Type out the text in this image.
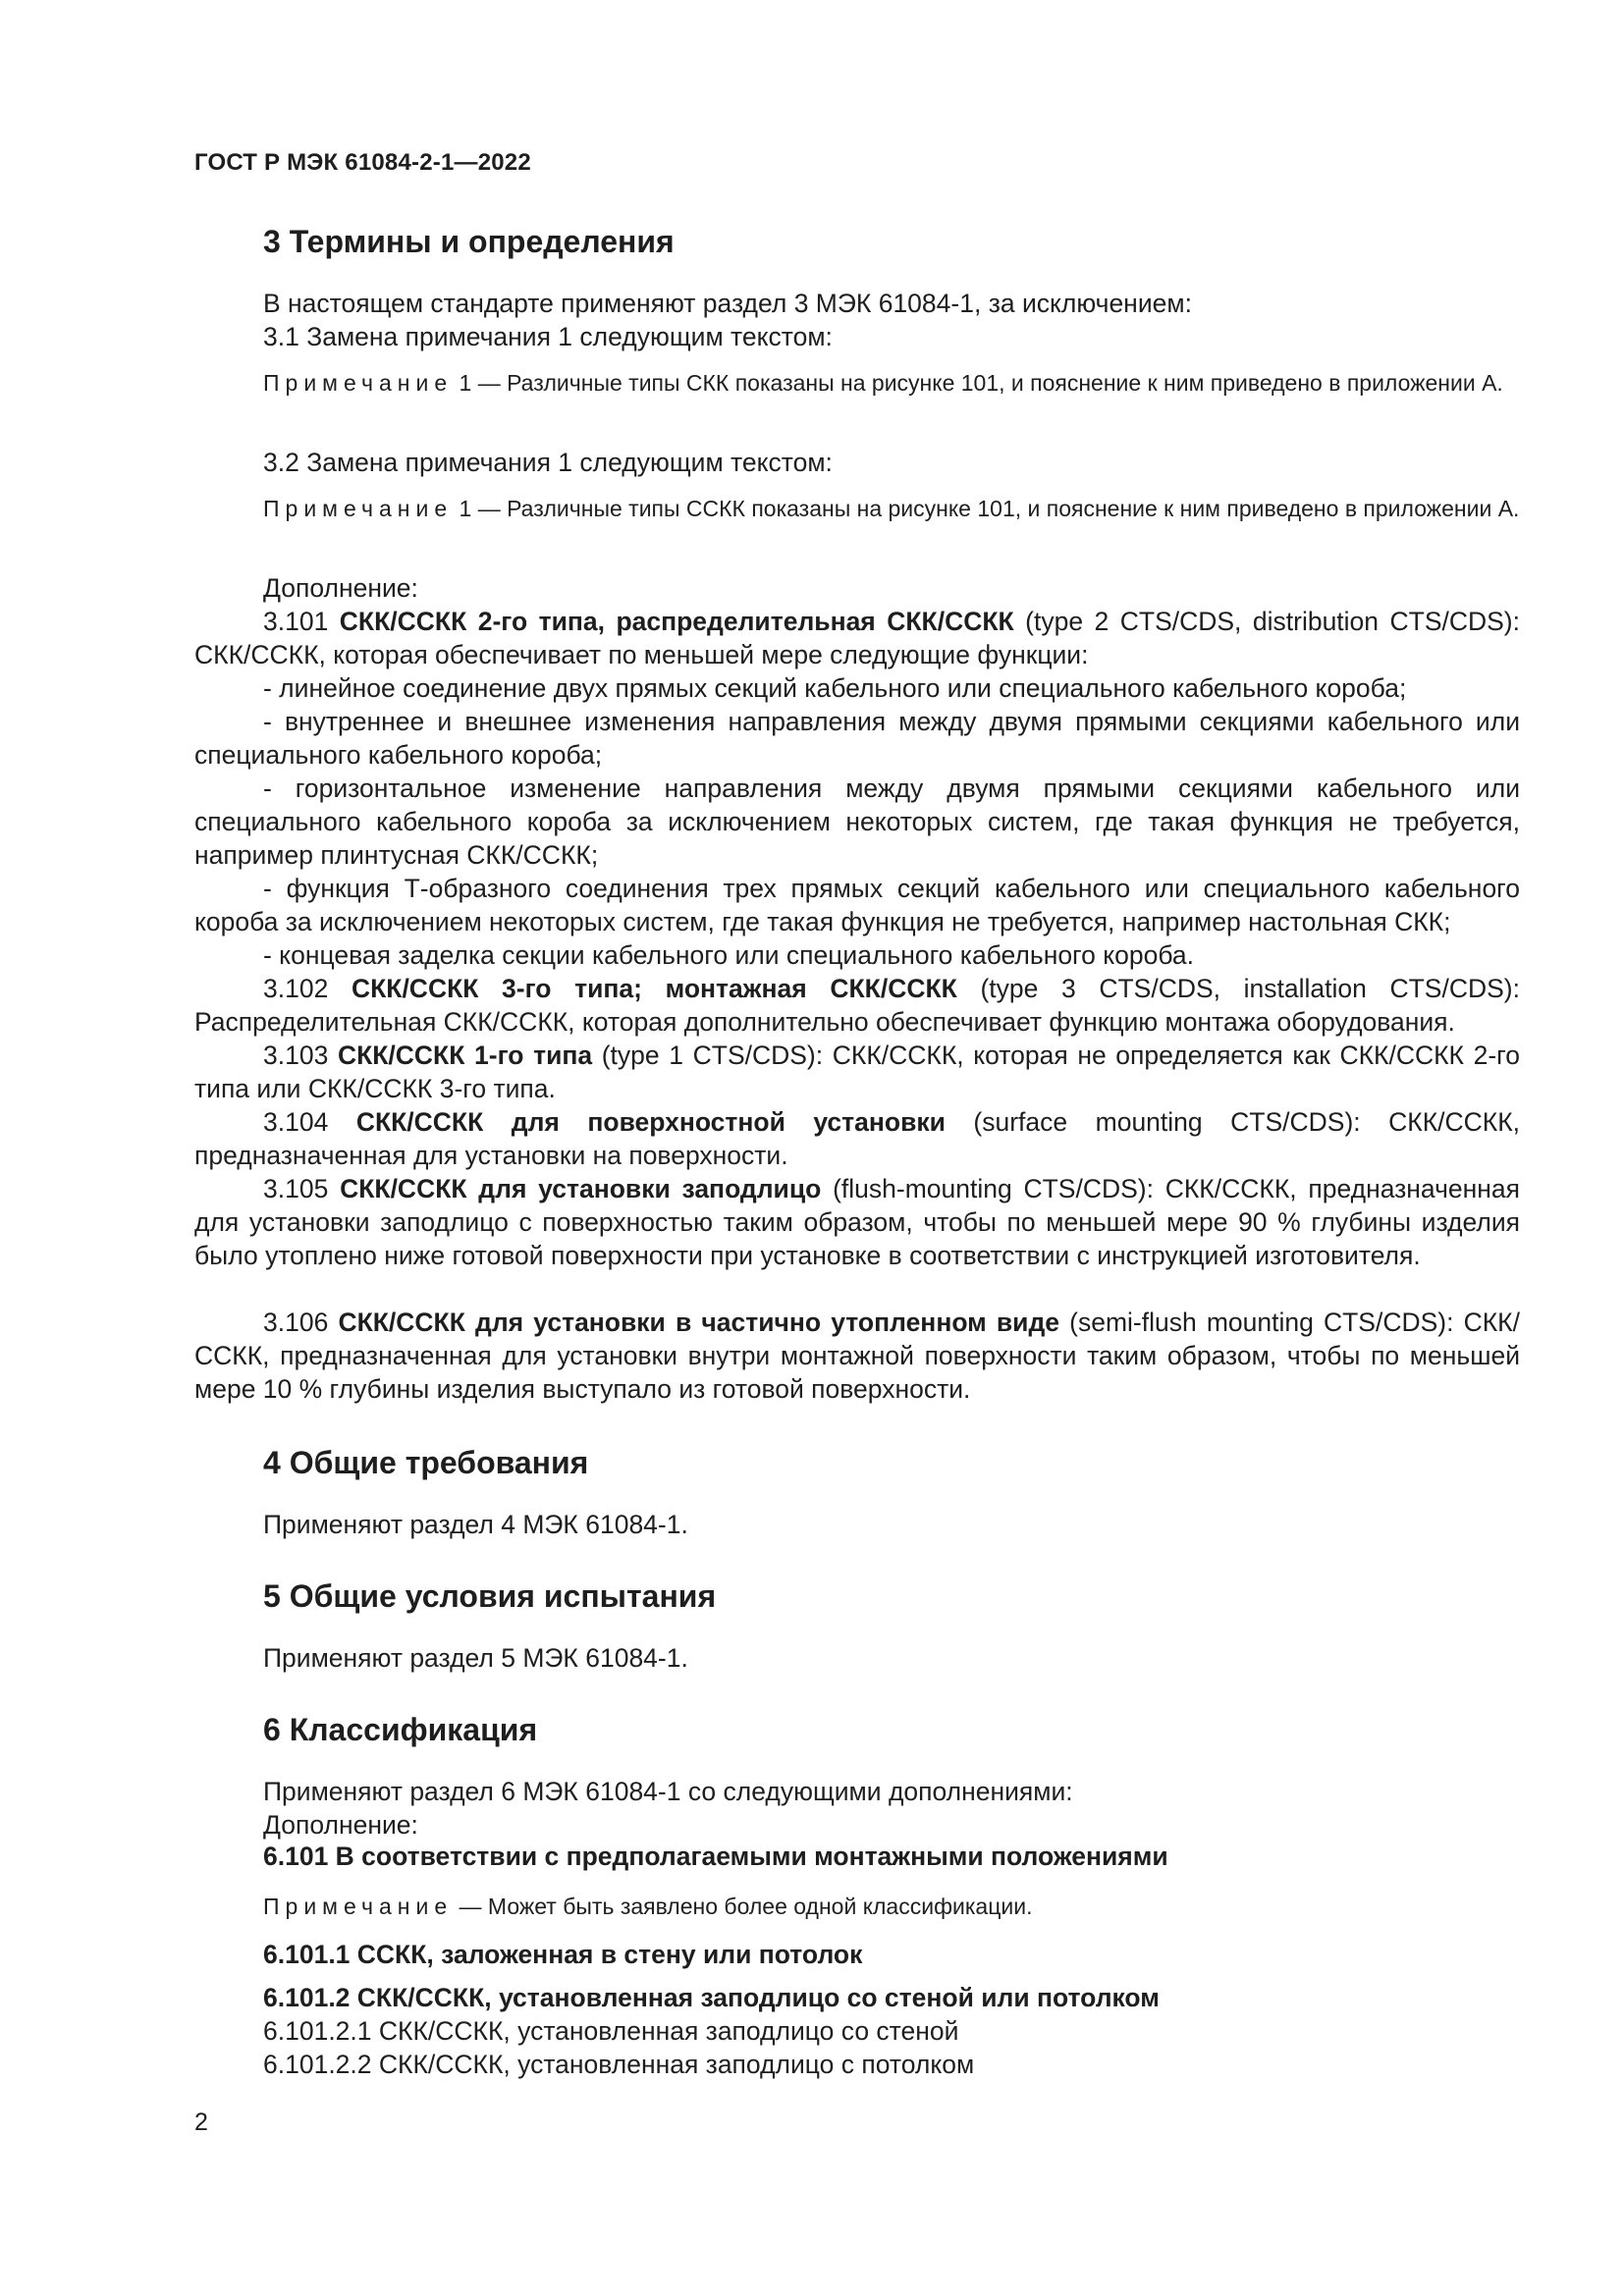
ГОСТ Р МЭК 61084-2-1—2022
3 Термины и определения
В настоящем стандарте применяют раздел 3 МЭК 61084-1, за исключением:
3.1 Замена примечания 1 следующим текстом:
Примечание 1 — Различные типы СКК показаны на рисунке 101, и пояснение к ним приведено в приложении А.
3.2 Замена примечания 1 следующим текстом:
Примечание 1 — Различные типы ССКК показаны на рисунке 101, и пояснение к ним приведено в приложении А.
Дополнение:
3.101 СКК/ССКК 2-го типа, распределительная СКК/ССКК (type 2 CTS/CDS, distribution CTS/CDS): СКК/ССКК, которая обеспечивает по меньшей мере следующие функции:
- линейное соединение двух прямых секций кабельного или специального кабельного короба;
- внутреннее и внешнее изменения направления между двумя прямыми секциями кабельного или специального кабельного короба;
- горизонтальное изменение направления между двумя прямыми секциями кабельного или специального кабельного короба за исключением некоторых систем, где такая функция не требуется, например плинтусная СКК/ССКК;
- функция Т-образного соединения трех прямых секций кабельного или специального кабельного короба за исключением некоторых систем, где такая функция не требуется, например настольная СКК;
- концевая заделка секции кабельного или специального кабельного короба.
3.102 СКК/ССКК 3-го типа; монтажная СКК/ССКК (type 3 CTS/CDS, installation CTS/CDS): Распределительная СКК/ССКК, которая дополнительно обеспечивает функцию монтажа оборудования.
3.103 СКК/ССКК 1-го типа (type 1 CTS/CDS): СКК/ССКК, которая не определяется как СКК/ССКК 2-го типа или СКК/ССКК 3-го типа.
3.104 СКК/ССКК для поверхностной установки (surface mounting CTS/CDS): СКК/ССКК, предназначенная для установки на поверхности.
3.105 СКК/ССКК для установки заподлицо (flush-mounting CTS/CDS): СКК/ССКК, предназначенная для установки заподлицо с поверхностью таким образом, чтобы по меньшей мере 90 % глубины изделия было утоплено ниже готовой поверхности при установке в соответствии с инструкцией изготовителя.
3.106 СКК/ССКК для установки в частично утопленном виде (semi-flush mounting CTS/CDS): СКК/ССКК, предназначенная для установки внутри монтажной поверхности таким образом, чтобы по меньшей мере 10 % глубины изделия выступало из готовой поверхности.
4 Общие требования
Применяют раздел 4 МЭК 61084-1.
5 Общие условия испытания
Применяют раздел 5 МЭК 61084-1.
6 Классификация
Применяют раздел 6 МЭК 61084-1 со следующими дополнениями:
Дополнение:
6.101 В соответствии с предполагаемыми монтажными положениями
Примечание — Может быть заявлено более одной классификации.
6.101.1 ССКК, заложенная в стену или потолок
6.101.2 СКК/ССКК, установленная заподлицо со стеной или потолком
6.101.2.1 СКК/ССКК, установленная заподлицо со стеной
6.101.2.2 СКК/ССКК, установленная заподлицо с потолком
2
